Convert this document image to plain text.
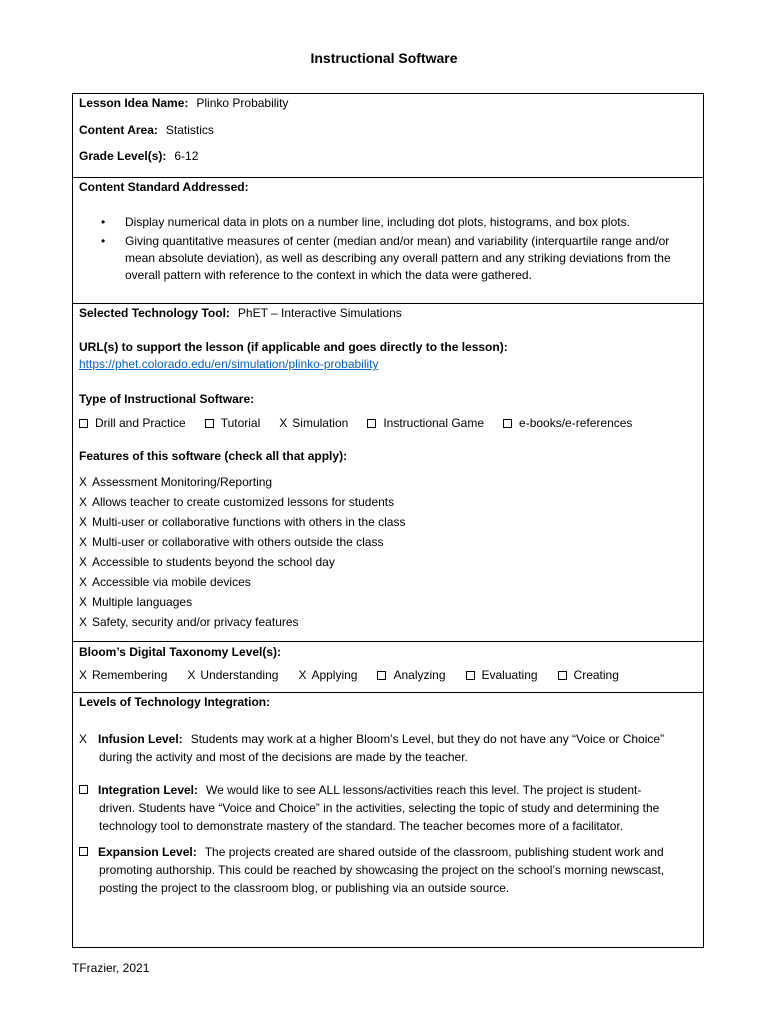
Instructional Software
Lesson Idea Name: Plinko Probability
Content Area: Statistics
Grade Level(s): 6-12
Content Standard Addressed:
• Display numerical data in plots on a number line, including dot plots, histograms, and box plots.
• Giving quantitative measures of center (median and/or mean) and variability (interquartile range and/or mean absolute deviation), as well as describing any overall pattern and any striking deviations from the overall pattern with reference to the context in which the data were gathered.
Selected Technology Tool: PhET – Interactive Simulations
URL(s) to support the lesson (if applicable and goes directly to the lesson):
https://phet.colorado.edu/en/simulation/plinko-probability
Type of Instructional Software:
Drill and Practice	Tutorial X Simulation	Instructional Game	e-books/e-references
Features of this software (check all that apply):
X Assessment Monitoring/Reporting
X Allows teacher to create customized lessons for students
X Multi-user or collaborative functions with others in the class
X Multi-user or collaborative with others outside the class
X Accessible to students beyond the school day
X Accessible via mobile devices
X Multiple languages
X Safety, security and/or privacy features
Bloom’s Digital Taxonomy Level(s):
X Remembering X Understanding X Applying	Analyzing	Evaluating	Creating
Levels of Technology Integration:
X Infusion Level: Students may work at a higher Bloom’s Level, but they do not have any “Voice or Choice”
during the activity and most of the decisions are made by the teacher.
Integration Level: We would like to see ALL lessons/activities reach this level. The project is student-
driven. Students have “Voice and Choice” in the activities, selecting the topic of study and determining the technology tool to demonstrate mastery of the standard. The teacher becomes more of a facilitator.
Expansion Level: The projects created are shared outside of the classroom, publishing student work and
promoting authorship. This could be reached by showcasing the project on the school’s morning newscast, posting the project to the classroom blog, or publishing via an outside source.
TFrazier, 2021
